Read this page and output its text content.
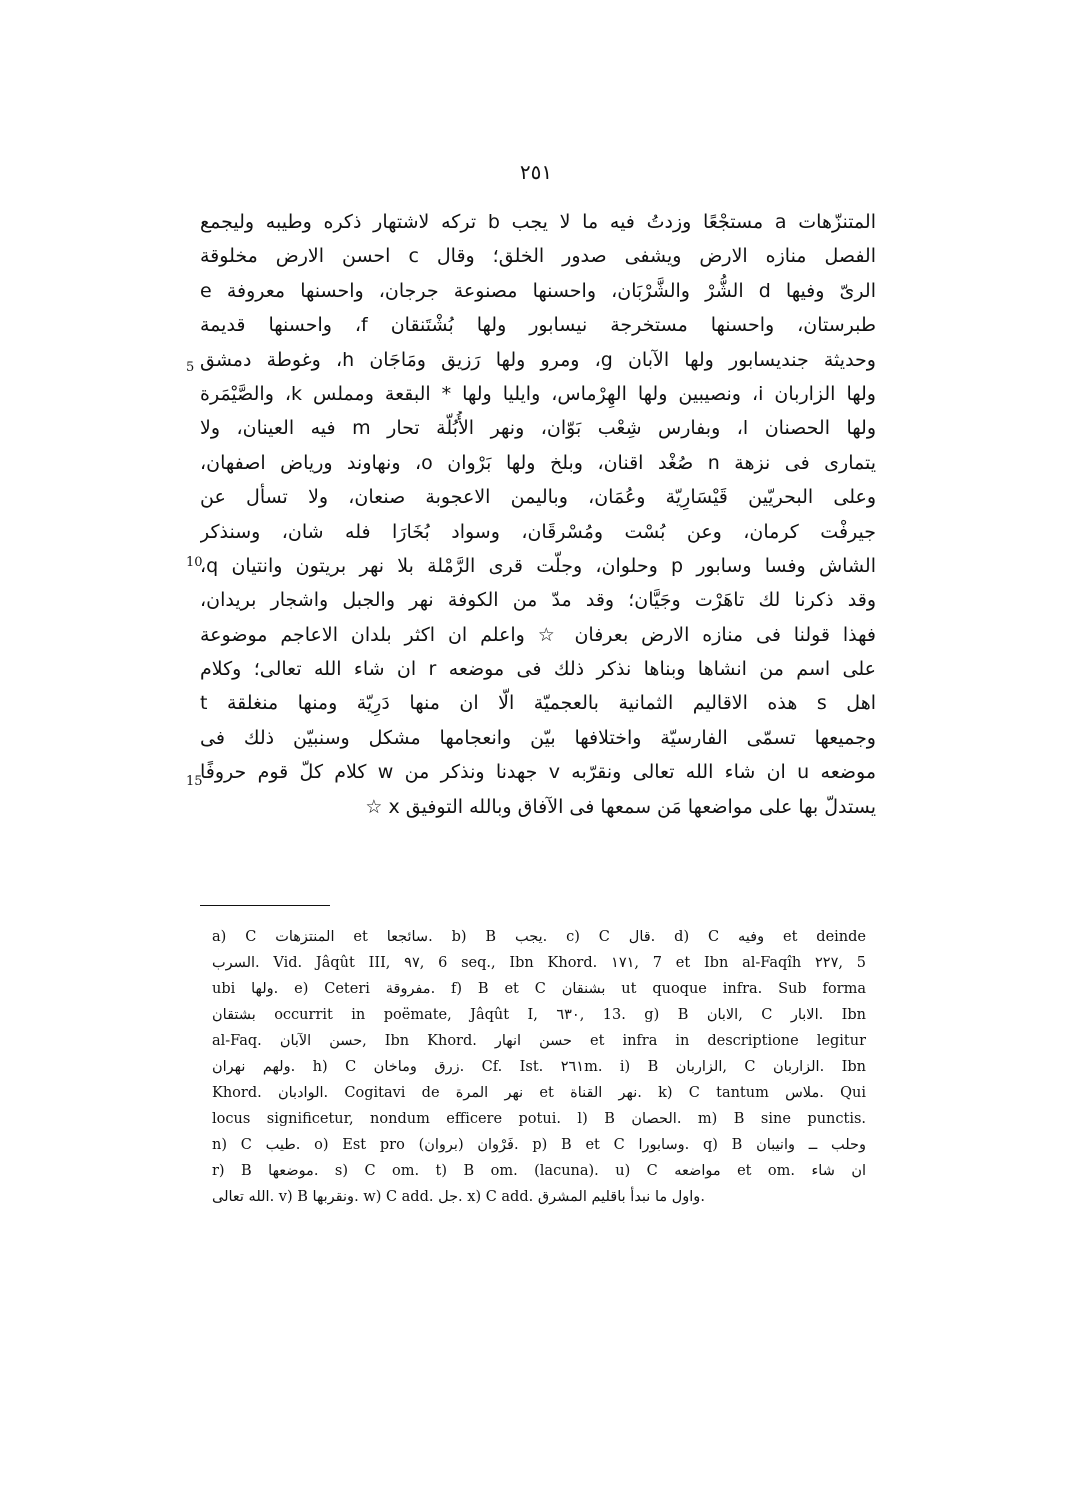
٢٥١
5
10
15
المتنزّهات a مستجْعًا وزدتُ فيه ما لا يجب b تركه لاشتهار ذكره وطيبه وليجمع
الفصل منازه الارض ويشفى صدور الخلق؛ وقال c احسن الارض مخلوقة
الرىّ وفيها d الشُّرْ والشَّرْبَان، واحسنها مصنوعة جرجان، واحسنها معروفة e
طبرستان، واحسنها مستخرجة نيسابور ولها بُشْتَنقان f، واحسنها قديمة
وحديثة جنديسابور ولها الآبان g، ومرو ولها رَزيق ومَاجَان h، وغوطة دمشق
ولها الزاربان i، ونصيبين ولها الهِرْماس، وايليا ولها * البقعة ومملس k، والصَّيْمَرة
ولها الحصنان l، وبفارس شِعْب بَوّان، ونهر الأُبُلّة تحار m فيه العينان، ولا
يتمارى فى نزهة n صُغْد اقنان، وبلخ ولها بَرْوان o، ونهاوند ورياض اصفهان،
وعلى البحريّين قَيْسَارِيّة وعُمَان، وباليمن الاعجوبة صنعان، ولا تسأل عن
جيرفْت كرمان، وعن بُسْت ومُسْرقَان، وسواد بُخَارَا فله شان، وسنذكر
الشاش وفسا وسابور p وحلوان، وجلّت قرى الرَّمْلة بلا نهر بريتون وانتيان q،
وقد ذكرنا لك تاهَرْت وجَيَّان؛ وقد مدّ من الكوفة نهر والجبل واشجار بريدان،
فهذا قولنا فى منازه الارض بعرفان ☆ واعلم ان اكثر بلدان الاعاجم موضوعة
على اسم من انشاها وبناها نذكر ذلك فى موضعه r ان شاء الله تعالى؛ وكلام
اهل s هذه الاقاليم الثمانية بالعجميّة الّا ان منها دَرِيّة ومنها منغلقة t
وجميعها تسمّى الفارسيّة واختلافها بيّن وانعجامها مشكل وسنبيّن ذلك فى
موضعه u ان شاء الله تعالى ونقرّبه v جهدنا ونذكر من w كلام كلّ قوم حروفًا
يستدلّ بها على مواضعها مَن سمعها فى الآفاق وبالله التوفيق x ☆
a) C المنتزهات et سائجعا. b) B يجب. c) C قال. d) C وفيه et deinde
السرب. Vid. Jâqût III, ٩٧, 6 seq., Ibn Khord. ١٧١, 7 et Ibn al-Faqîh ٢٢٧, 5
ubi ولها. e) Ceteri مفروقة. f) B et C بشنقان ut quoque infra. Sub forma
بشتقان occurrit in poëmate, Jâqût I, ٦٣٠, 13. g) B الابان, C الابار. Ibn
al-Faq. حسن الآبان, Ibn Khord. حسن انهار et infra in descriptione legitur
ولهم نهران. h) C زرق وماخان. Cf. Ist. ٢٦١m. i) B الزاربان, C الزاربان. Ibn
Khord. الوادبان. Cogitavi de نهر المرة et نهر القناة. k) C tantum ملاس. Qui
locus significetur, nondum efficere potui. l) B الحصان. m) B sine punctis.
n) C طيب. o) Est pro (بروان) فَرْوان. p) B et C وسابورا. q) B وحلب ــ وانيبان
r) B موضعها. s) C om. t) B om. (lacuna). u) C مواضعه et om. ان شاء
الله تعالى. v) B ونقربها. w) C add. جل. x) C add. واول ما نبدأ باقليم المشرق.
